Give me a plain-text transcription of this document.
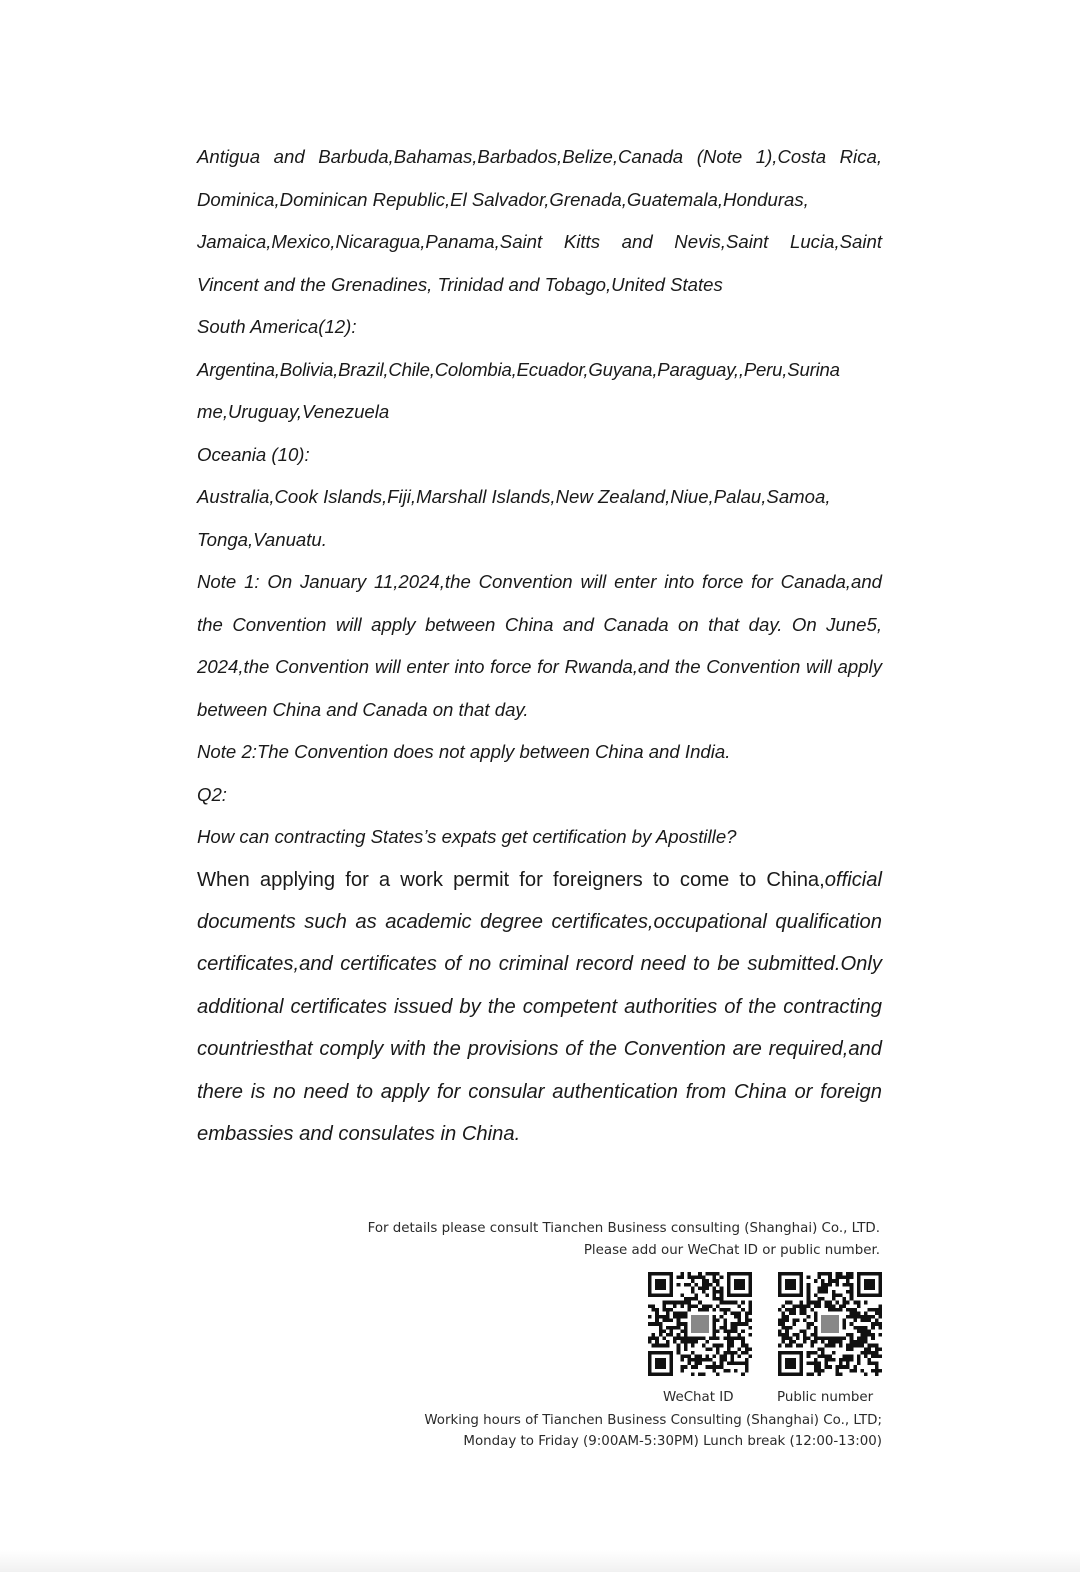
Antigua and Barbuda,Bahamas,Barbados,Belize,Canada (Note 1),Costa Rica,

Dominica,Dominican Republic,El Salvador,Grenada,Guatemala,Honduras,

Jamaica,Mexico,Nicaragua,Panama,Saint Kitts and Nevis,Saint Lucia,Saint

Vincent and the Grenadines, Trinidad and Tobago,United States

South America(12):

Argentina,Bolivia,Brazil,Chile,Colombia,Ecuador,Guyana,Paraguay,,Peru,Surina

me,Uruguay,Venezuela

Oceania (10):

Australia,Cook Islands,Fiji,Marshall Islands,New Zealand,Niue,Palau,Samoa,

Tonga,Vanuatu.

Note 1: On January 11,2024,the Convention will enter into force for Canada,and the Convention will apply between China and Canada on that day. On June5, 2024,the Convention will enter into force for Rwanda,and the Convention will apply between China and Canada on that day.

Note 2:The Convention does not apply between China and India.

Q2:

How can contracting States’s expats get certification by Apostille?

When applying for a work permit for foreigners to come to China,official documents such as academic degree certificates,occupational qualification certificates,and certificates of no criminal record need to be submitted.Only additional certificates issued by the competent authorities of the contracting countriesthat comply with the provisions of the Convention are required,and there is no need to apply for consular authentication from China or foreign embassies and consulates in China.

For details please consult Tianchen Business consulting (Shanghai) Co., LTD.
Please add our WeChat ID or public number.
WeChat ID	Public number
Working hours of Tianchen Business Consulting (Shanghai) Co., LTD;
Monday to Friday (9:00AM-5:30PM) Lunch break (12:00-13:00)
